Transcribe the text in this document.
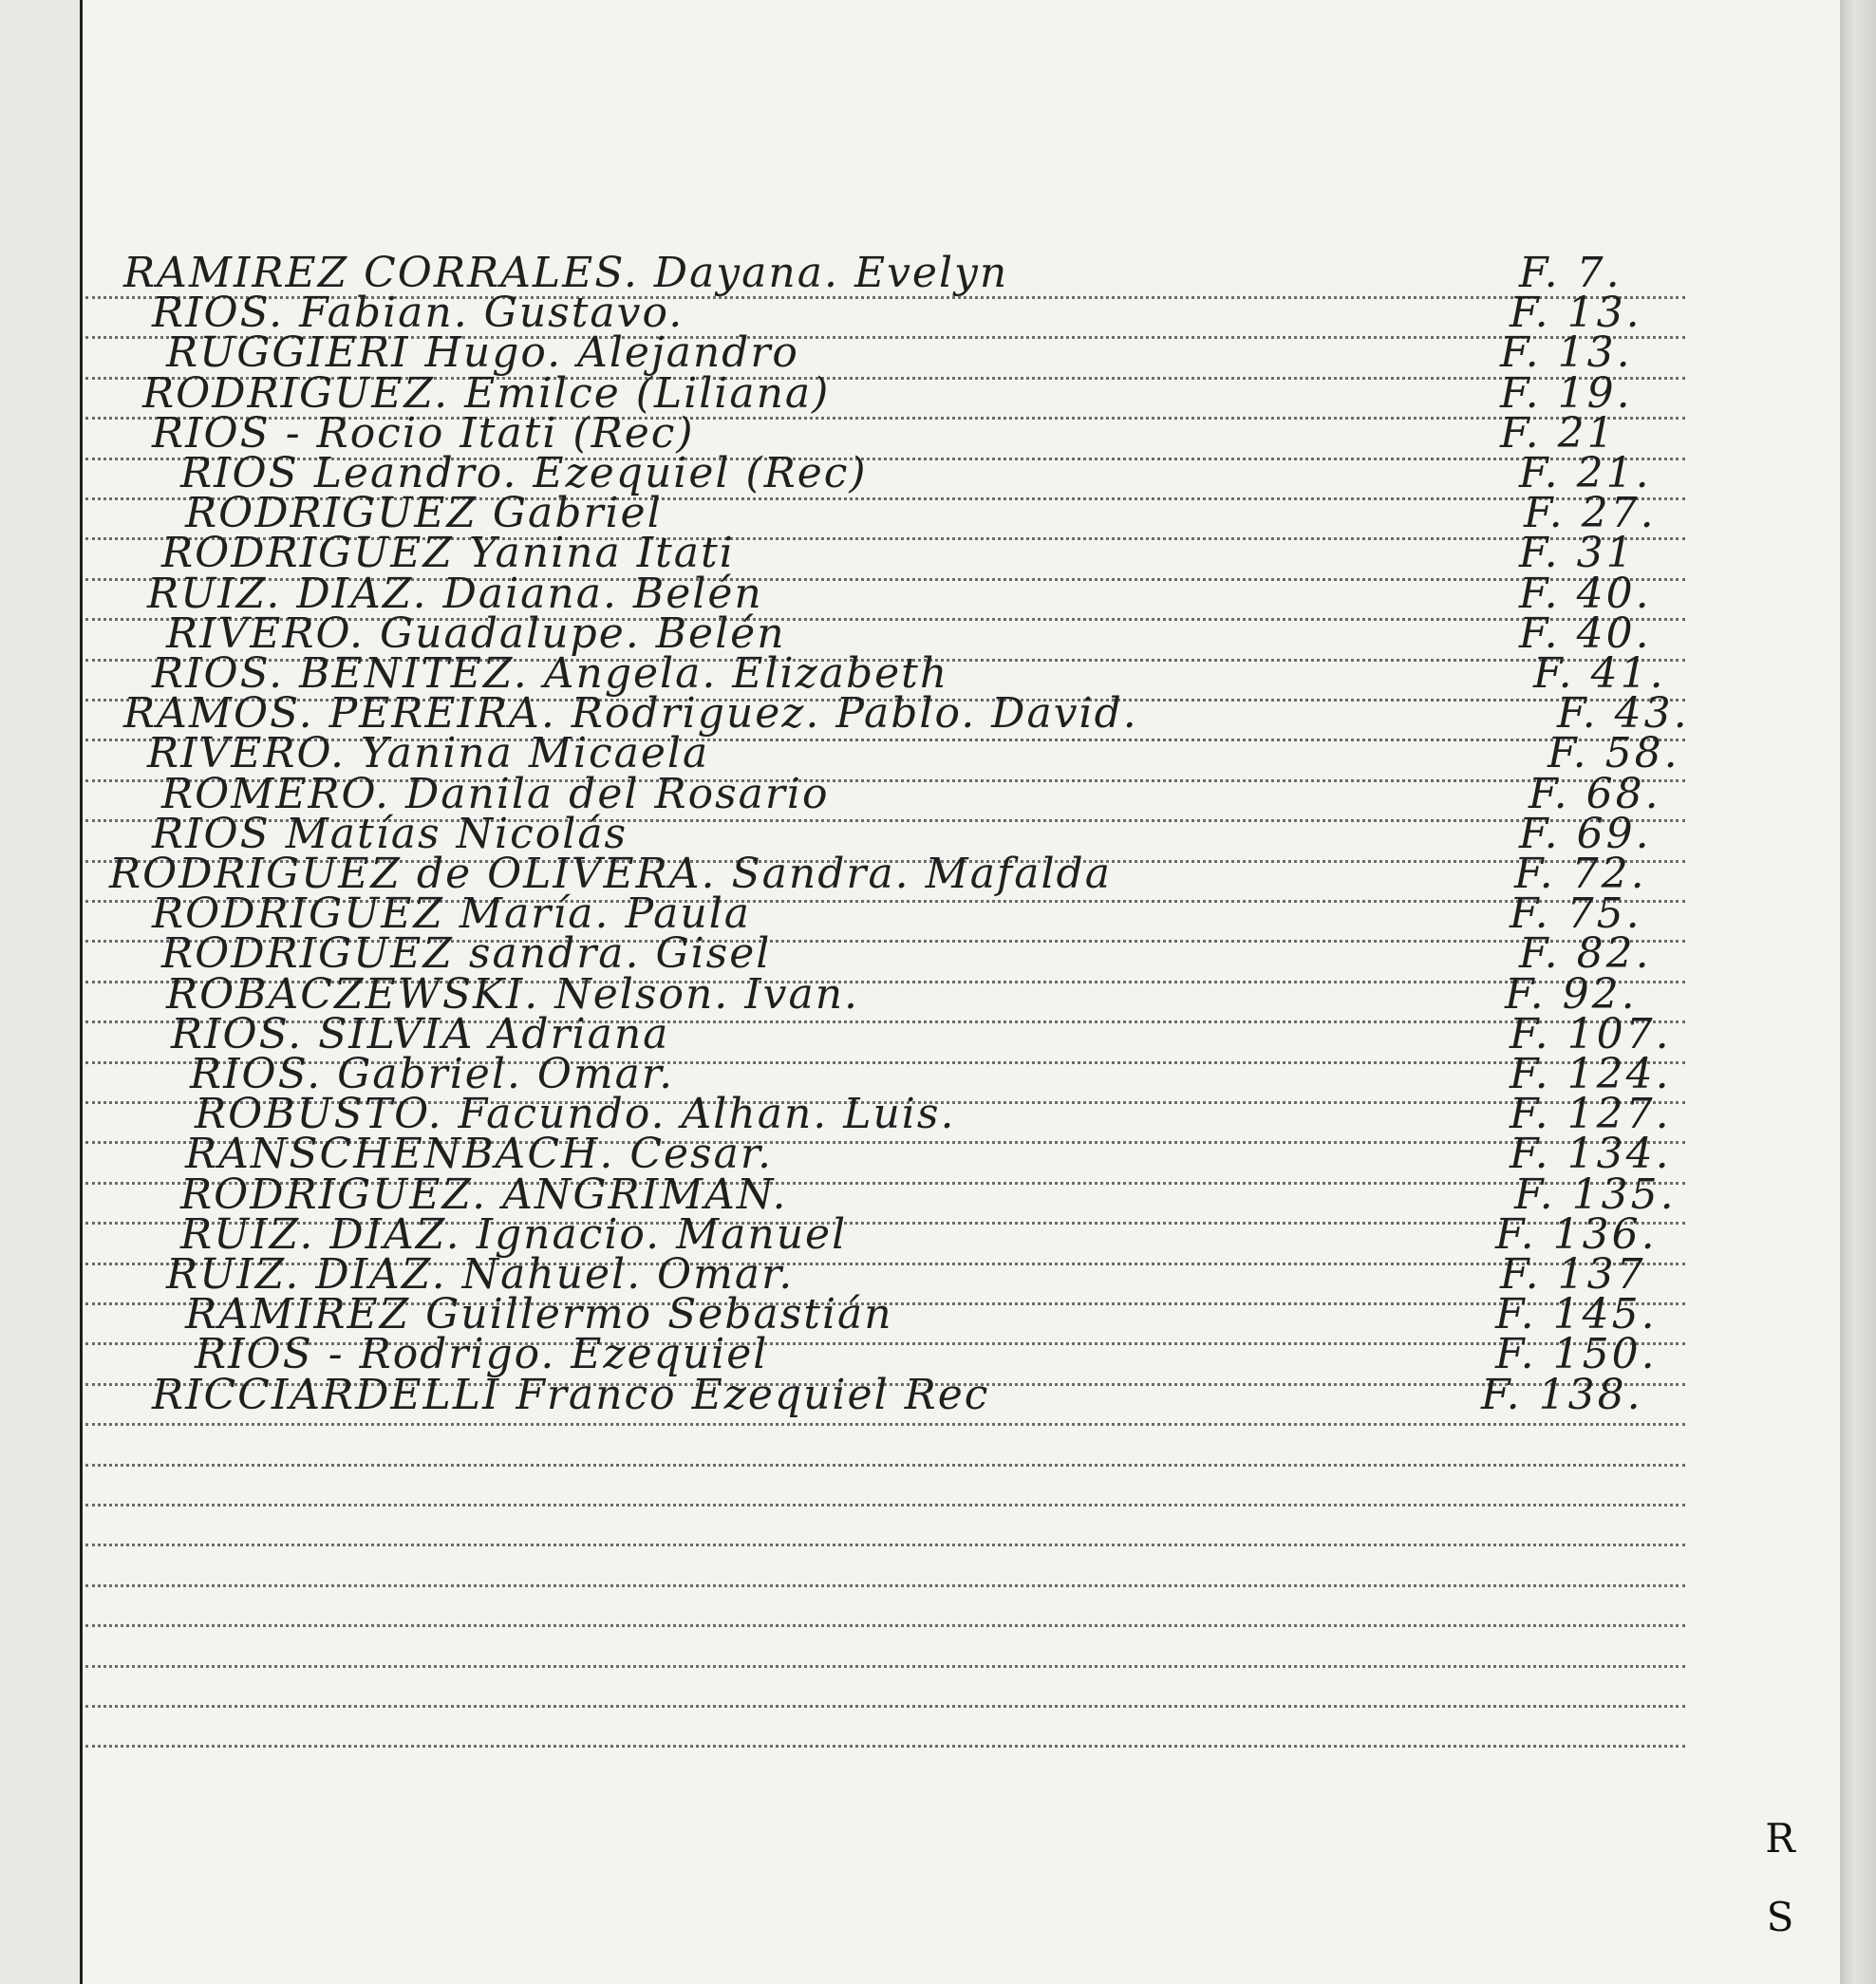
RAMIREZ CORRALES. Dayana. Evelyn	F. 7.
RIOS. Fabian. Gustavo.	F. 13.
RUGGIERI Hugo. Alejandro	F. 13.
RODRIGUEZ. Emilce (Liliana)	F. 19.
RIOS - Rocio Itati (Rec)	F. 21
RIOS Leandro. Ezequiel (Rec)	F. 21.
RODRIGUEZ Gabriel	F. 27.
RODRIGUEZ Yanina Itati	F. 31
RUIZ. DIAZ. Daiana. Belén	F. 40.
RIVERO. Guadalupe. Belén	F. 40.
RIOS. BENITEZ. Angela. Elizabeth	F. 41.
RAMOS. PEREIRA. Rodriguez. Pablo. David.	F. 43.
RIVERO. Yanina Micaela	F. 58.
ROMERO. Danila del Rosario	F. 68.
RIOS Matías Nicolás	F. 69.
RODRIGUEZ de OLIVERA. Sandra. Mafalda	F. 72.
RODRIGUEZ María. Paula	F. 75.
RODRIGUEZ sandra. Gisel	F. 82.
ROBACZEWSKI. Nelson. Ivan.	F. 92.
RIOS. SILVIA Adriana	F. 107.
RIOS. Gabriel. Omar.	F. 124.
ROBUSTO. Facundo. Alhan. Luis.	F. 127.
RANSCHENBACH. Cesar.	F. 134.
RODRIGUEZ. ANGRIMAN.	F. 135.
RUIZ. DIAZ. Ignacio. Manuel	F. 136.
RUIZ. DIAZ. Nahuel. Omar.	F. 137
RAMIREZ Guillermo Sebastián	F. 145.
RIOS - Rodrigo. Ezequiel	F. 150.
RICCIARDELLI Franco Ezequiel Rec	F. 138.
R
S
